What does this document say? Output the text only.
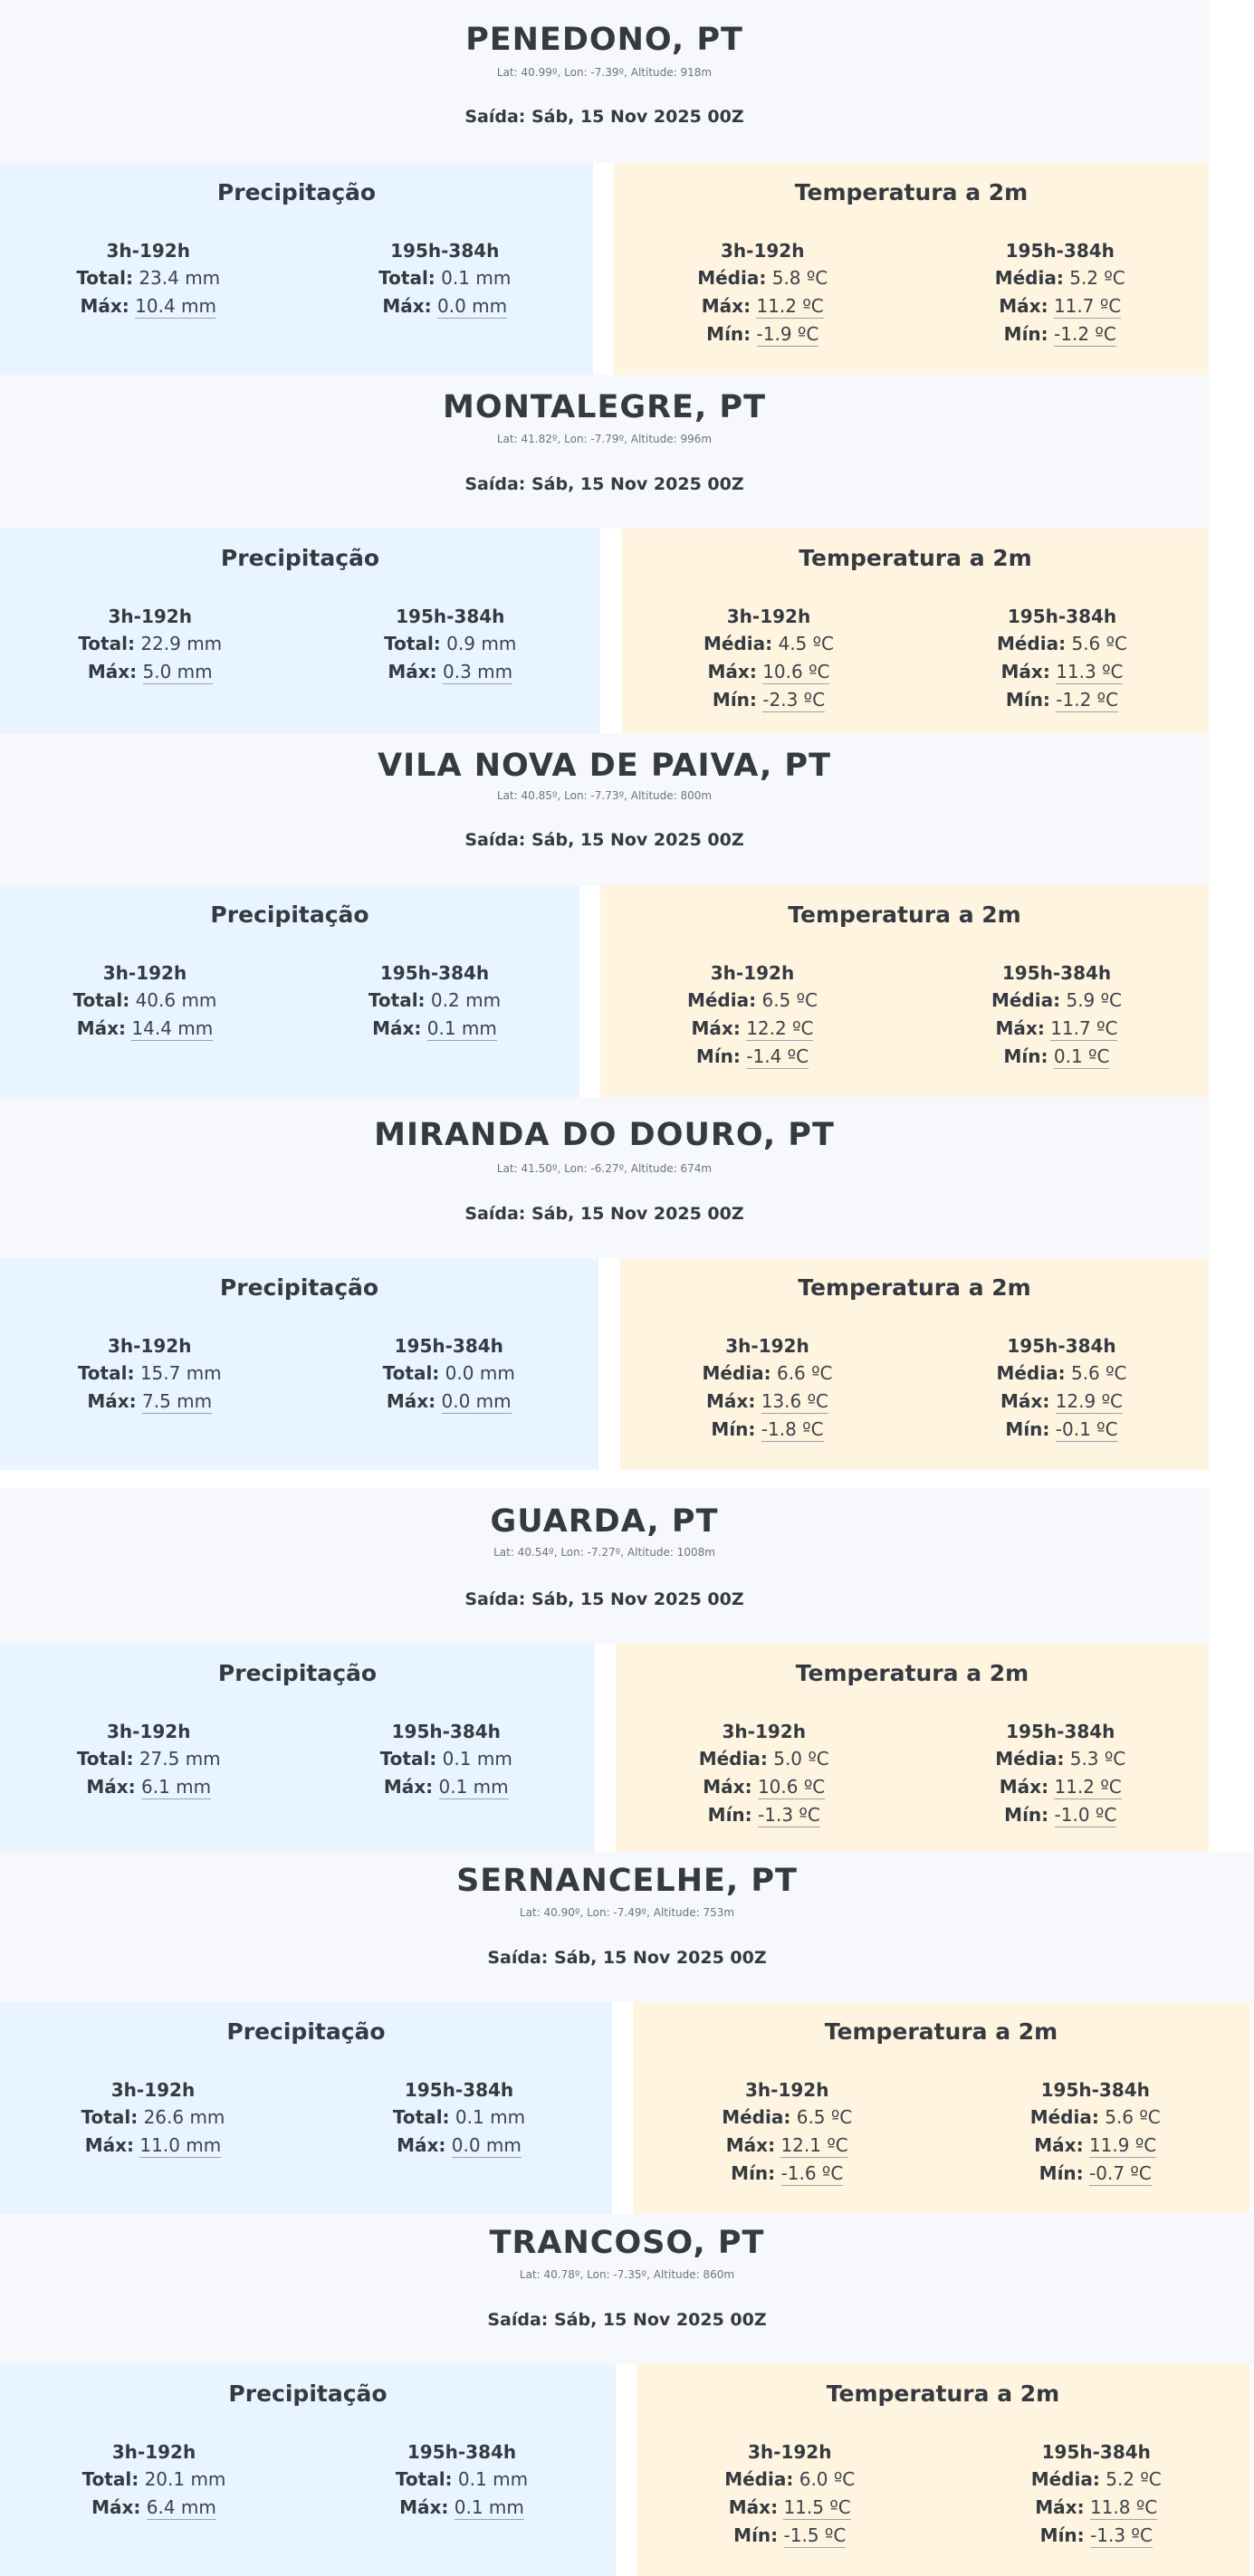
PENEDONO, PT
Lat: 40.99º, Lon: -7.39º, Altitude: 918m
Saída: Sáb, 15 Nov 2025 00Z
Precipitação
3h-192h
Total: 23.4 mm
Máx: 10.4 mm
195h-384h
Total: 0.1 mm
Máx: 0.0 mm
Temperatura a 2m
3h-192h
Média: 5.8 ºC
Máx: 11.2 ºC
Mín: -1.9 ºC
195h-384h
Média: 5.2 ºC
Máx: 11.7 ºC
Mín: -1.2 ºC
MONTALEGRE, PT
Lat: 41.82º, Lon: -7.79º, Altitude: 996m
Saída: Sáb, 15 Nov 2025 00Z
Precipitação
3h-192h
Total: 22.9 mm
Máx: 5.0 mm
195h-384h
Total: 0.9 mm
Máx: 0.3 mm
Temperatura a 2m
3h-192h
Média: 4.5 ºC
Máx: 10.6 ºC
Mín: -2.3 ºC
195h-384h
Média: 5.6 ºC
Máx: 11.3 ºC
Mín: -1.2 ºC
VILA NOVA DE PAIVA, PT
Lat: 40.85º, Lon: -7.73º, Altitude: 800m
Saída: Sáb, 15 Nov 2025 00Z
Precipitação
3h-192h
Total: 40.6 mm
Máx: 14.4 mm
195h-384h
Total: 0.2 mm
Máx: 0.1 mm
Temperatura a 2m
3h-192h
Média: 6.5 ºC
Máx: 12.2 ºC
Mín: -1.4 ºC
195h-384h
Média: 5.9 ºC
Máx: 11.7 ºC
Mín: 0.1 ºC
MIRANDA DO DOURO, PT
Lat: 41.50º, Lon: -6.27º, Altitude: 674m
Saída: Sáb, 15 Nov 2025 00Z
Precipitação
3h-192h
Total: 15.7 mm
Máx: 7.5 mm
195h-384h
Total: 0.0 mm
Máx: 0.0 mm
Temperatura a 2m
3h-192h
Média: 6.6 ºC
Máx: 13.6 ºC
Mín: -1.8 ºC
195h-384h
Média: 5.6 ºC
Máx: 12.9 ºC
Mín: -0.1 ºC
GUARDA, PT
Lat: 40.54º, Lon: -7.27º, Altitude: 1008m
Saída: Sáb, 15 Nov 2025 00Z
Precipitação
3h-192h
Total: 27.5 mm
Máx: 6.1 mm
195h-384h
Total: 0.1 mm
Máx: 0.1 mm
Temperatura a 2m
3h-192h
Média: 5.0 ºC
Máx: 10.6 ºC
Mín: -1.3 ºC
195h-384h
Média: 5.3 ºC
Máx: 11.2 ºC
Mín: -1.0 ºC
SERNANCELHE, PT
Lat: 40.90º, Lon: -7.49º, Altitude: 753m
Saída: Sáb, 15 Nov 2025 00Z
Precipitação
3h-192h
Total: 26.6 mm
Máx: 11.0 mm
195h-384h
Total: 0.1 mm
Máx: 0.0 mm
Temperatura a 2m
3h-192h
Média: 6.5 ºC
Máx: 12.1 ºC
Mín: -1.6 ºC
195h-384h
Média: 5.6 ºC
Máx: 11.9 ºC
Mín: -0.7 ºC
TRANCOSO, PT
Lat: 40.78º, Lon: -7.35º, Altitude: 860m
Saída: Sáb, 15 Nov 2025 00Z
Precipitação
3h-192h
Total: 20.1 mm
Máx: 6.4 mm
195h-384h
Total: 0.1 mm
Máx: 0.1 mm
Temperatura a 2m
3h-192h
Média: 6.0 ºC
Máx: 11.5 ºC
Mín: -1.5 ºC
195h-384h
Média: 5.2 ºC
Máx: 11.8 ºC
Mín: -1.3 ºC
